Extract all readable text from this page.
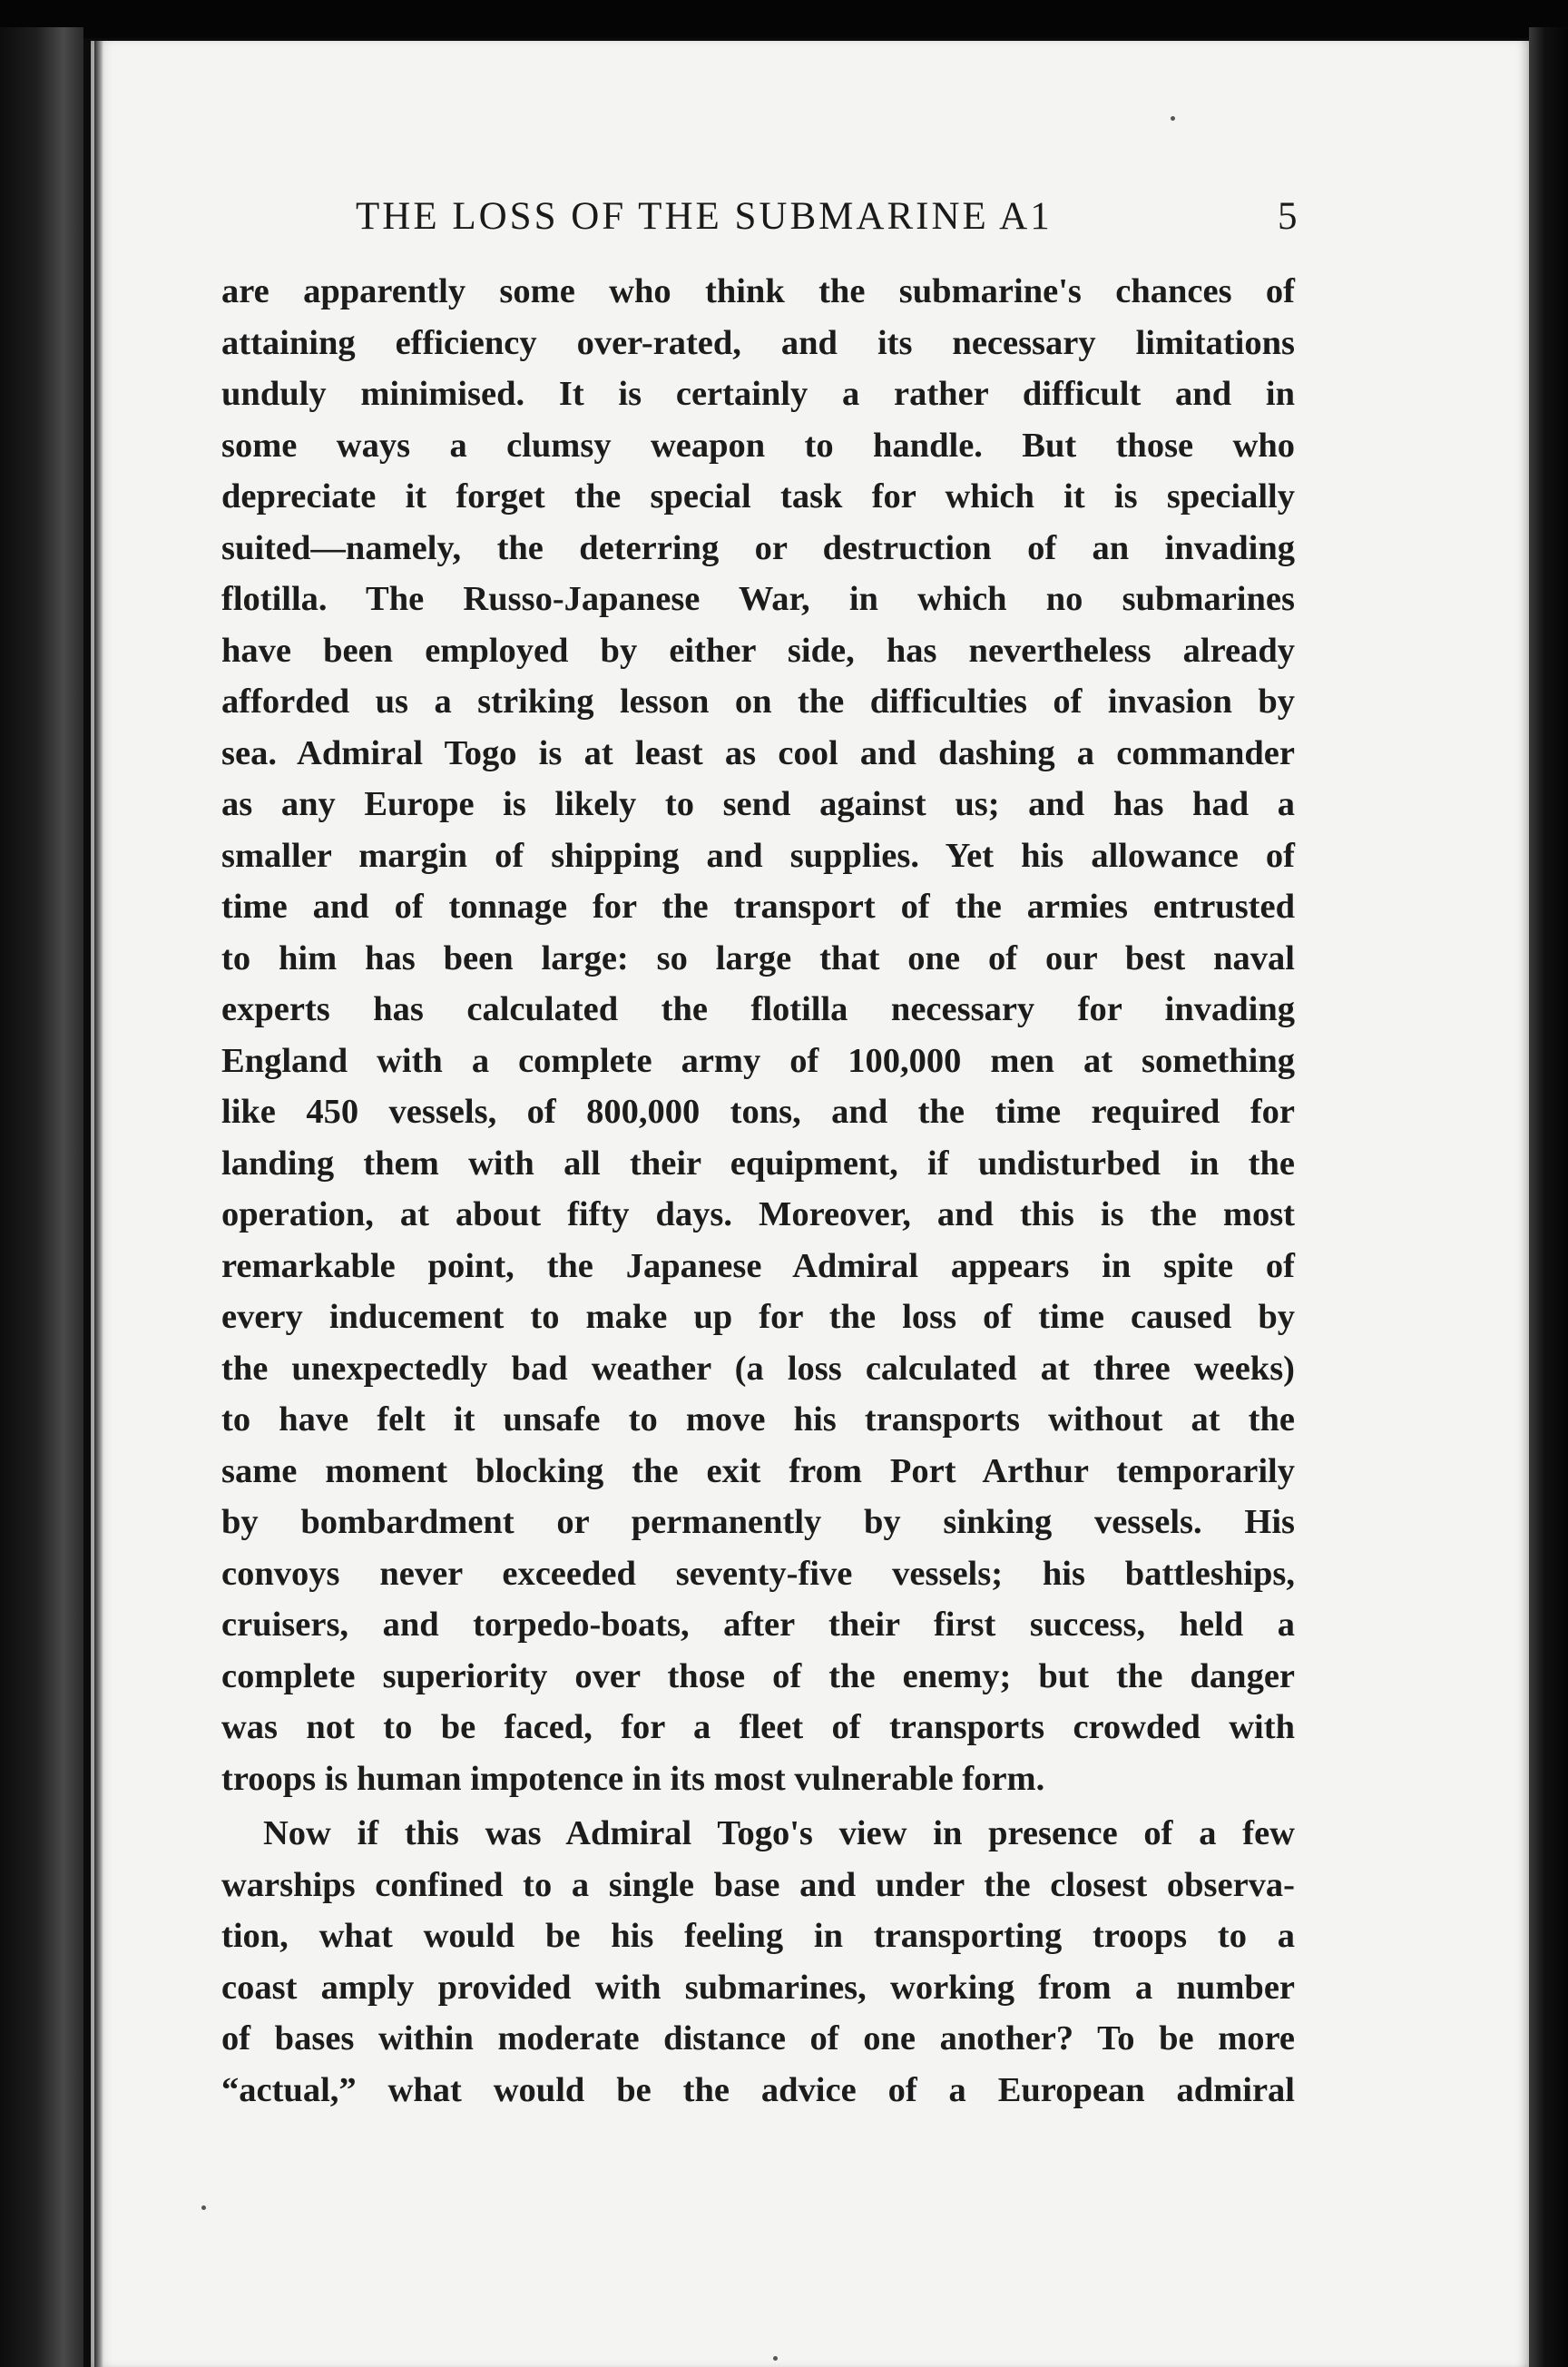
THE LOSS OF THE SUBMARINE A1	5
are apparently some who think the submarine's chances of
attaining efficiency over-rated, and its necessary limitations
unduly minimised. It is certainly a rather difficult and in
some ways a clumsy weapon to handle. But those who
depreciate it forget the special task for which it is specially
suited—namely, the deterring or destruction of an invading
flotilla. The Russo-Japanese War, in which no submarines
have been employed by either side, has nevertheless already
afforded us a striking lesson on the difficulties of invasion by
sea. Admiral Togo is at least as cool and dashing a commander
as any Europe is likely to send against us; and has had a
smaller margin of shipping and supplies. Yet his allowance of
time and of tonnage for the transport of the armies entrusted
to him has been large: so large that one of our best naval
experts has calculated the flotilla necessary for invading
England with a complete army of 100,000 men at something
like 450 vessels, of 800,000 tons, and the time required for
landing them with all their equipment, if undisturbed in the
operation, at about fifty days. Moreover, and this is the most
remarkable point, the Japanese Admiral appears in spite of
every inducement to make up for the loss of time caused by
the unexpectedly bad weather (a loss calculated at three weeks)
to have felt it unsafe to move his transports without at the
same moment blocking the exit from Port Arthur temporarily
by bombardment or permanently by sinking vessels. His
convoys never exceeded seventy-five vessels; his battleships,
cruisers, and torpedo-boats, after their first success, held a
complete superiority over those of the enemy; but the danger
was not to be faced, for a fleet of transports crowded with
troops is human impotence in its most vulnerable form.
Now if this was Admiral Togo's view in presence of a few
warships confined to a single base and under the closest observa-
tion, what would be his feeling in transporting troops to a
coast amply provided with submarines, working from a number
of bases within moderate distance of one another? To be more
“actual,” what would be the advice of a European admiral
